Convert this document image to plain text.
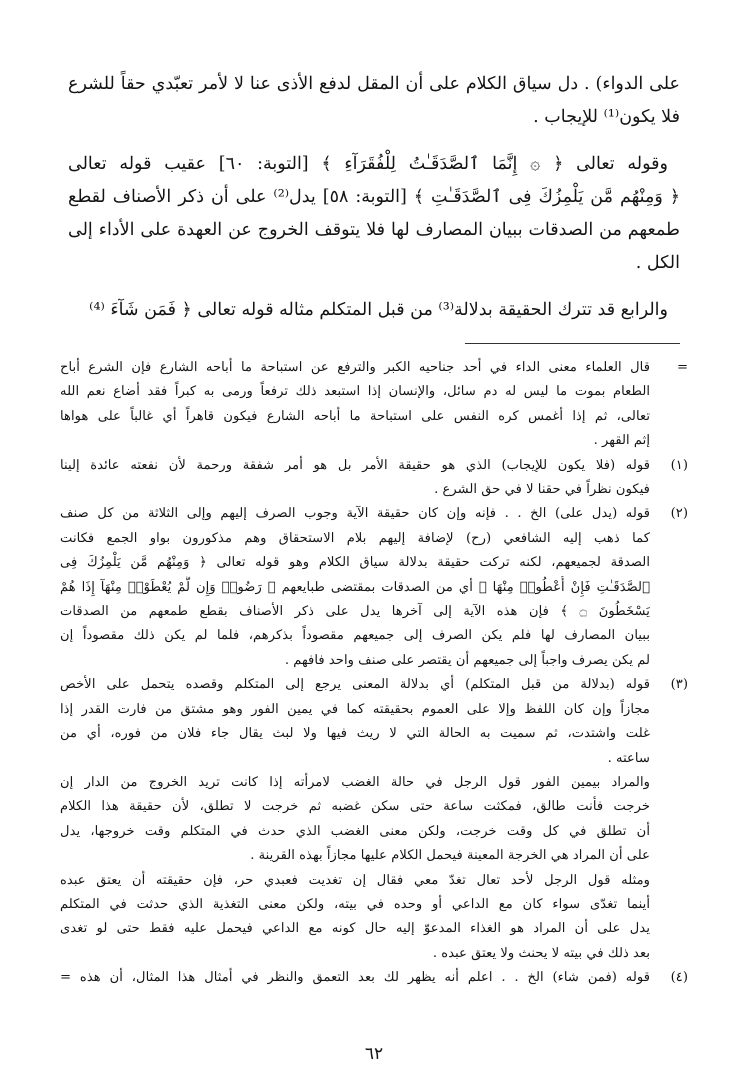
على الدواء) . دل سياق الكلام على أن المقل لدفع الأذى عنا لا لأمر تعبّدي حقاً للشرع

فلا يكون⁽¹⁾ للإيجاب .

وقوله تعالى ﴿ ۞ إِنَّمَا ٱلصَّدَقَـٰتُ لِلْفُقَرَآءِ ﴾ [التوبة: ٦٠] عقيب قوله تعالى

﴿ وَمِنْهُم مَّن يَلْمِزُكَ فِى ٱلصَّدَقَـٰتِ ﴾ [التوبة: ٥٨] يدل⁽²⁾ على أن ذكر الأصناف لقطع

طمعهم من الصدقات ببيان المصارف لها فلا يتوقف الخروج عن العهدة على الأداء إلى

الكل .

والرابع قد تترك الحقيقة بدلالة⁽³⁾ من قبل المتكلم مثاله قوله تعالى ﴿ فَمَن شَآءَ ⁽⁴⁾

=

قال العلماء معنى الداء في أحد جناحيه الكبر والترفع عن استباحة ما أباحه الشارع فإن الشرع أباح

الطعام بموت ما ليس له دم سائل، والإنسان إذا استبعد ذلك ترفعاً ورمى به كبراً فقد أضاع نعم الله

تعالى، ثم إذا أغمس كره النفس على استباحة ما أباحه الشارع فيكون قاهراً أي غالباً على هواها

إثم القهر .

(١)

قوله (فلا يكون للإيجاب) الذي هو حقيقة الأمر بل هو أمر شفقة ورحمة لأن نفعته عائدة إلينا

فيكون نظراً في حقنا لا في حق الشرع .

(٢)

قوله (يدل على) الخ . . فإنه وإن كان حقيقة الآية وجوب الصرف إليهم وإلى الثلاثة من كل صنف

كما ذهب إليه الشافعي (رح) لإضافة إليهم بلام الاستحقاق وهم مذكورون بواو الجمع فكانت

الصدقة لجميعهم، لكنه تركت حقيقة بدلالة سياق الكلام وهو قوله تعالى ﴿ وَمِنْهُم مَّن يَلْمِزُكَ فِى

ٱلصَّدَقَـٰتِ فَإِنْ أُعْطُوا۟ مِنْهَا ﴾ أي من الصدقات بمقتضى طبايعهم ﴿ رَضُوا۟ وَإِن لَّمْ يُعْطَوْا۟ مِنْهَآ إِذَا هُمْ

يَسْخَطُونَ ۝ ﴾ فإن هذه الآية إلى آخرها يدل على ذكر الأصناف بقطع طمعهم من الصدقات

ببيان المصارف لها فلم يكن الصرف إلى جميعهم مقصوداً بذكرهم، فلما لم يكن ذلك مقصوداً إن

لم يكن يصرف واجباً إلى جميعهم أن يقتصر على صنف واحد فافهم .

(٣)

قوله (بدلالة من قبل المتكلم) أي بدلالة المعنى يرجع إلى المتكلم وقصده يتحمل على الأخص

مجازاً وإن كان اللفظ وإلا على العموم بحقيقته كما في يمين الفور وهو مشتق من فارت القدر إذا

غلت واشتدت، ثم سميت به الحالة التي لا ريث فيها ولا لبث يقال جاء فلان من فوره، أي من

ساعته .

والمراد بيمين الفور قول الرجل في حالة الغضب لامرأته إذا كانت تريد الخروج من الدار إن

خرجت فأنت طالق، فمكثت ساعة حتى سكن غضبه ثم خرجت لا تطلق، لأن حقيقة هذا الكلام

أن تطلق في كل وقت خرجت، ولكن معنى الغضب الذي حدث في المتكلم وقت خروجها، يدل

على أن المراد هي الخرجة المعينة فيحمل الكلام عليها مجازاً بهذه القرينة .

ومثله قول الرجل لأحد تعال تغدّ معي فقال إن تغديت فعبدي حر، فإن حقيقته أن يعتق عبده

أينما تغدّى سواء كان مع الداعي أو وحده في بيته، ولكن معنى التغذية الذي حدثت في المتكلم

يدل على أن المراد هو الغذاء المدعوّ إليه حال كونه مع الداعي فيحمل عليه فقط حتى لو تغدى

بعد ذلك في بيته لا يحنث ولا يعتق عبده .

(٤)

قوله (فمن شاء) الخ . . اعلم أنه يظهر لك بعد التعمق والنظر في أمثال هذا المثال، أن هذه =

٦٢
